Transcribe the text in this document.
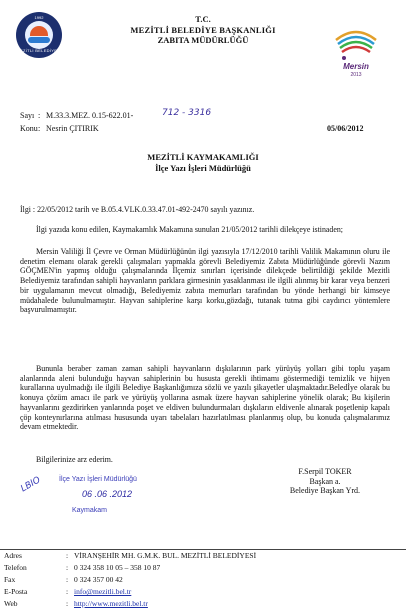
1992
MEZİTLİ BELEDİYESİ
T.C.
MEZİTLİ BELEDİYE BAŞKANLIĞI
ZABITA MÜDÜRLÜĞÜ
Mersin
2013
Sayı : M.33.3.MEZ. 0.15-622.01-	712 - 3316
Konu : Nesrin ÇITIRIK	05/06/2012
MEZİTLİ KAYMAKAMLIĞI
İlçe Yazı İşleri Müdürlüğü
İlgi : 22/05/2012 tarih ve B.05.4.VLK.0.33.47.01-492-2470 sayılı yazınız.
İlgi yazıda konu edilen, Kaymakamlık Makamına sunulan 21/05/2012 tarihli dilekçeye istinaden;
Mersin Valiliği İl Çevre ve Orman Müdürlüğünün ilgi yazısıyla 17/12/2010 tarihli Valilik Makamının oluru ile denetim elemanı olarak gerekli çalışmaları yapmakla görevli Belediyemiz Zabıta Müdürlüğünde görevli Nazım GÖÇMEN'in yapmış olduğu çalışmalarında İlçemiz sınırları içerisinde dilekçede belirtildiği şekilde Mezitli Belediyemiz tarafından sahipli hayvanların parklara girmesinin yasaklanması ile ilgili alınmış bir karar veya benzeri bir uygulamanın mevcut olmadığı, Belediyemiz zabıta memurları tarafından bu yönde herhangi bir kimseye müdahalede bulunulmamıştır. Hayvan sahiplerine karşı korku,gözdağı, tutanak tutma gibi caydırıcı yöntemlere başvurulmamıştır.
Bununla beraber zaman zaman sahipli hayvanların dışkılarının park yürüyüş yolları gibi toplu yaşam alanlarında aleni bulunduğu hayvan sahiplerinin bu hususta gerekli ihtimamı göstermediği temizlik ve hijyen kurallarına uyulmadığı ile ilgili Belediye Başkanlığımıza sözlü ve yazılı şikayetler ulaşmaktadır.Beledİye olarak bu konuya çözüm amacı ile park ve yürüyüş yollarına asmak üzere hayvan sahiplerine yönelik olarak; Bu kişilerin hayvanlarını gezdirirken yanlarında poşet ve eldiven bulundurmaları dışkıların eldivenle alınarak poşetlenip kapalı çöp konteynırlarına atılması hususunda uyarı tabelaları hazırlatılması planlanmış olup, bu konuda çalışmalarımız devam etmektedir.
Bilgilerinize arz ederim.
LBIO	İlçe Yazı İşleri Müdürlüğü
06 .06 .2012
Kaymakam
F.Serpil TOKER
Başkan a.
Belediye Başkan Yrd.
Adres	: VİRANŞEHİR MH. G.M.K. BUL. MEZİTLİ BELEDİYESİ
Telefon	: 0 324 358 10 05 – 358 10 87
Fax	: 0 324 357 00 42
E-Posta	: info@mezitli.bel.tr
Web	: http://www.mezitli.bel.tr
